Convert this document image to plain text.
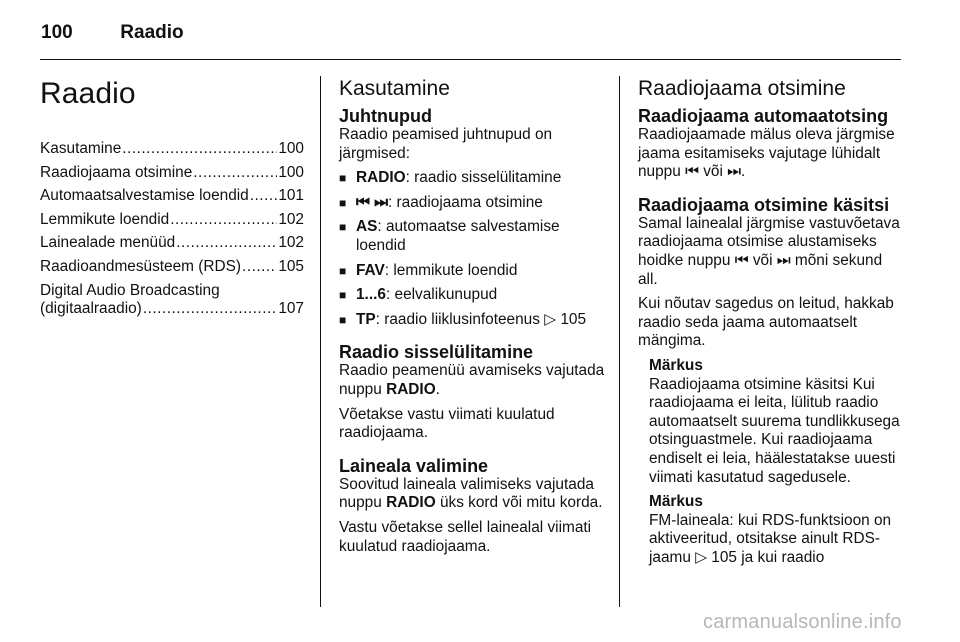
100	Raadio
Raadio
Kasutamine .....	100
Raadiojaama otsimine .....	100
Automaatsalvestamise loendid ..... 101
Lemmikute loendid .....	102
Lainealade menüüd .....	102
Raadioandmesüsteem (RDS) ..... 105
Digital Audio Broadcasting
(digitaalraadio) .....	107
Kasutamine
Juhtnupud

Raadio peamised juhtnupud on järgmised:

■ RADIO: raadio sisselülitamine
■ ⏮ ⏭: raadiojaama otsimine
■ AS: automaatse salvestamise loendid
■ FAV: lemmikute loendid
■ 1...6: eelvalikunupud
■ TP: raadio liiklusinfoteenus ▷ 105
Raadio sisselülitamine

Raadio peamenüü avamiseks vajutada nuppu RADIO.

Võetakse vastu viimati kuulatud raadiojaama.

Laineala valimine

Soovitud laineala valimiseks vajutada nuppu RADIO üks kord või mitu korda.

Vastu võetakse sellel lainealal viimati kuulatud raadiojaama.

Raadiojaama otsimine
Raadiojaama automaatotsing

Raadiojaamade mälus oleva järgmise jaama esitamiseks vajutage lühidalt nuppu ⏮ või ⏭.

Raadiojaama otsimine käsitsi

Samal lainealal järgmise vastuvõetava raadiojaama otsimise alustamiseks hoidke nuppu ⏮ või ⏭ mõni sekund all.

Kui nõutav sagedus on leitud, hakkab raadio seda jaama automaatselt mängima.

Märkus

Raadiojaama otsimine käsitsi Kui raadiojaama ei leita, lülitub raadio automaatselt suurema tundlikkusega otsinguastmele. Kui raadiojaama endiselt ei leia, häälestatakse uuesti viimati kasutatud sagedusele.

Märkus

FM-laineala: kui RDS-funktsioon on aktiveeritud, otsitakse ainult RDS-jaamu ▷ 105 ja kui raadio

carmanualsonline.info
